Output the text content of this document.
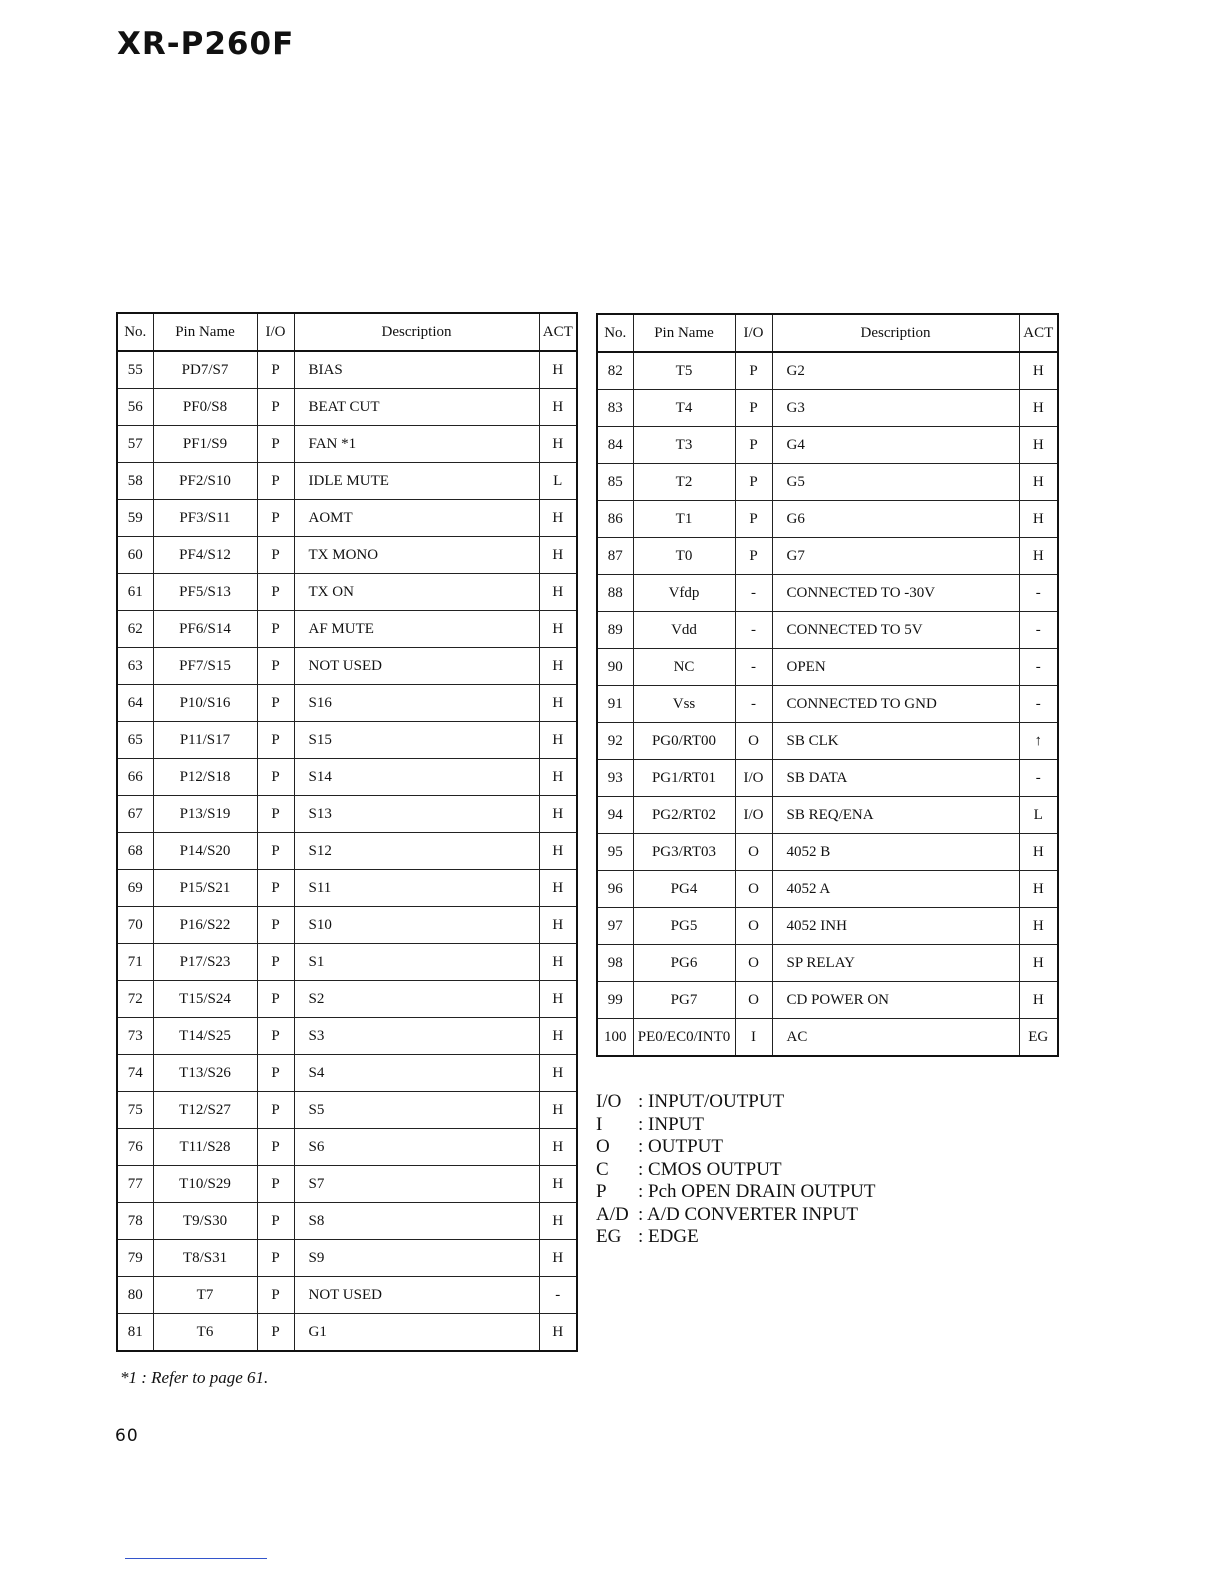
XR-P260F
No.	Pin Name	I/O	Description	ACT
55	PD7/S7	P	BIAS	H
56	PF0/S8	P	BEAT CUT	H
57	PF1/S9	P	FAN *1	H
58	PF2/S10	P	IDLE MUTE	L
59	PF3/S11	P	AOMT	H
60	PF4/S12	P	TX MONO	H
61	PF5/S13	P	TX ON	H
62	PF6/S14	P	AF MUTE	H
63	PF7/S15	P	NOT USED	H
64	P10/S16	P	S16	H
65	P11/S17	P	S15	H
66	P12/S18	P	S14	H
67	P13/S19	P	S13	H
68	P14/S20	P	S12	H
69	P15/S21	P	S11	H
70	P16/S22	P	S10	H
71	P17/S23	P	S1	H
72	T15/S24	P	S2	H
73	T14/S25	P	S3	H
74	T13/S26	P	S4	H
75	T12/S27	P	S5	H
76	T11/S28	P	S6	H
77	T10/S29	P	S7	H
78	T9/S30	P	S8	H
79	T8/S31	P	S9	H
80	T7	P	NOT USED	-
81	T6	P	G1	H
No.	Pin Name	I/O	Description	ACT
82	T5	P	G2	H
83	T4	P	G3	H
84	T3	P	G4	H
85	T2	P	G5	H
86	T1	P	G6	H
87	T0	P	G7	H
88	Vfdp	-	CONNECTED TO -30V	-
89	Vdd	-	CONNECTED TO 5V	-
90	NC	-	OPEN	-
91	Vss	-	CONNECTED TO GND	-
92	PG0/RT00	O	SB CLK	↑
93	PG1/RT01	I/O	SB DATA	-
94	PG2/RT02	I/O	SB REQ/ENA	L
95	PG3/RT03	O	4052 B	H
96	PG4	O	4052 A	H
97	PG5	O	4052 INH	H
98	PG6	O	SP RELAY	H
99	PG7	O	CD POWER ON	H
100	PE0/EC0/INT0	I	AC	EG
I/O : INPUT/OUTPUT
I	: INPUT
O	: OUTPUT
C	: CMOS OUTPUT
P	: Pch OPEN DRAIN OUTPUT
A/D : A/D CONVERTER INPUT
EG : EDGE
*1 : Refer to page 61.
60
